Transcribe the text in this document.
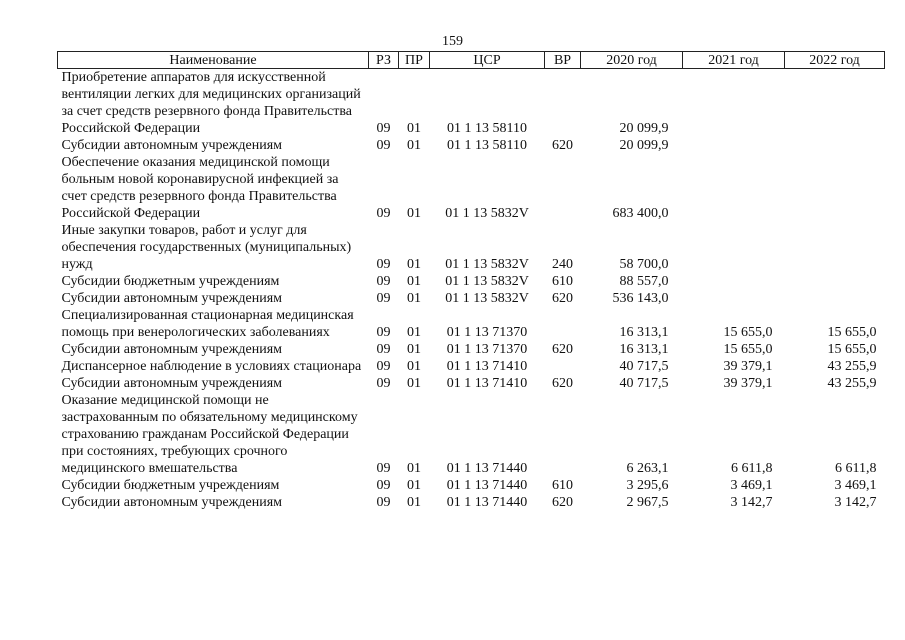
159
Наименование	РЗ	ПР	ЦСР	ВР	2020 год	2021 год	2022 год
Приобретение аппаратов для искусственной вентиляции легких для медицинских организаций за счет средств резервного фонда Правительства Российской Федерации	09	01	01 1 13 58110		20 099,9		
Субсидии автономным учреждениям	09	01	01 1 13 58110	620	20 099,9		
Обеспечение оказания медицинской помощи больным новой коронавирусной инфекцией за счет средств резервного фонда Правительства Российской Федерации	09	01	01 1 13 5832V		683 400,0		
Иные закупки товаров, работ и услуг для обеспечения государственных (муниципальных) нужд	09	01	01 1 13 5832V	240	58 700,0		
Субсидии бюджетным учреждениям	09	01	01 1 13 5832V	610	88 557,0		
Субсидии автономным учреждениям	09	01	01 1 13 5832V	620	536 143,0		
Специализированная стационарная медицинская помощь при венерологических заболеваниях	09	01	01 1 13 71370		16 313,1	15 655,0	15 655,0
Субсидии автономным учреждениям	09	01	01 1 13 71370	620	16 313,1	15 655,0	15 655,0
Диспансерное наблюдение в условиях стационара	09	01	01 1 13 71410		40 717,5	39 379,1	43 255,9
Субсидии автономным учреждениям	09	01	01 1 13 71410	620	40 717,5	39 379,1	43 255,9
Оказание медицинской помощи не застрахованным по обязательному медицинскому страхованию гражданам Российской Федерации при состояниях, требующих срочного медицинского вмешательства	09	01	01 1 13 71440		6 263,1	6 611,8	6 611,8
Субсидии бюджетным учреждениям	09	01	01 1 13 71440	610	3 295,6	3 469,1	3 469,1
Субсидии автономным учреждениям	09	01	01 1 13 71440	620	2 967,5	3 142,7	3 142,7
